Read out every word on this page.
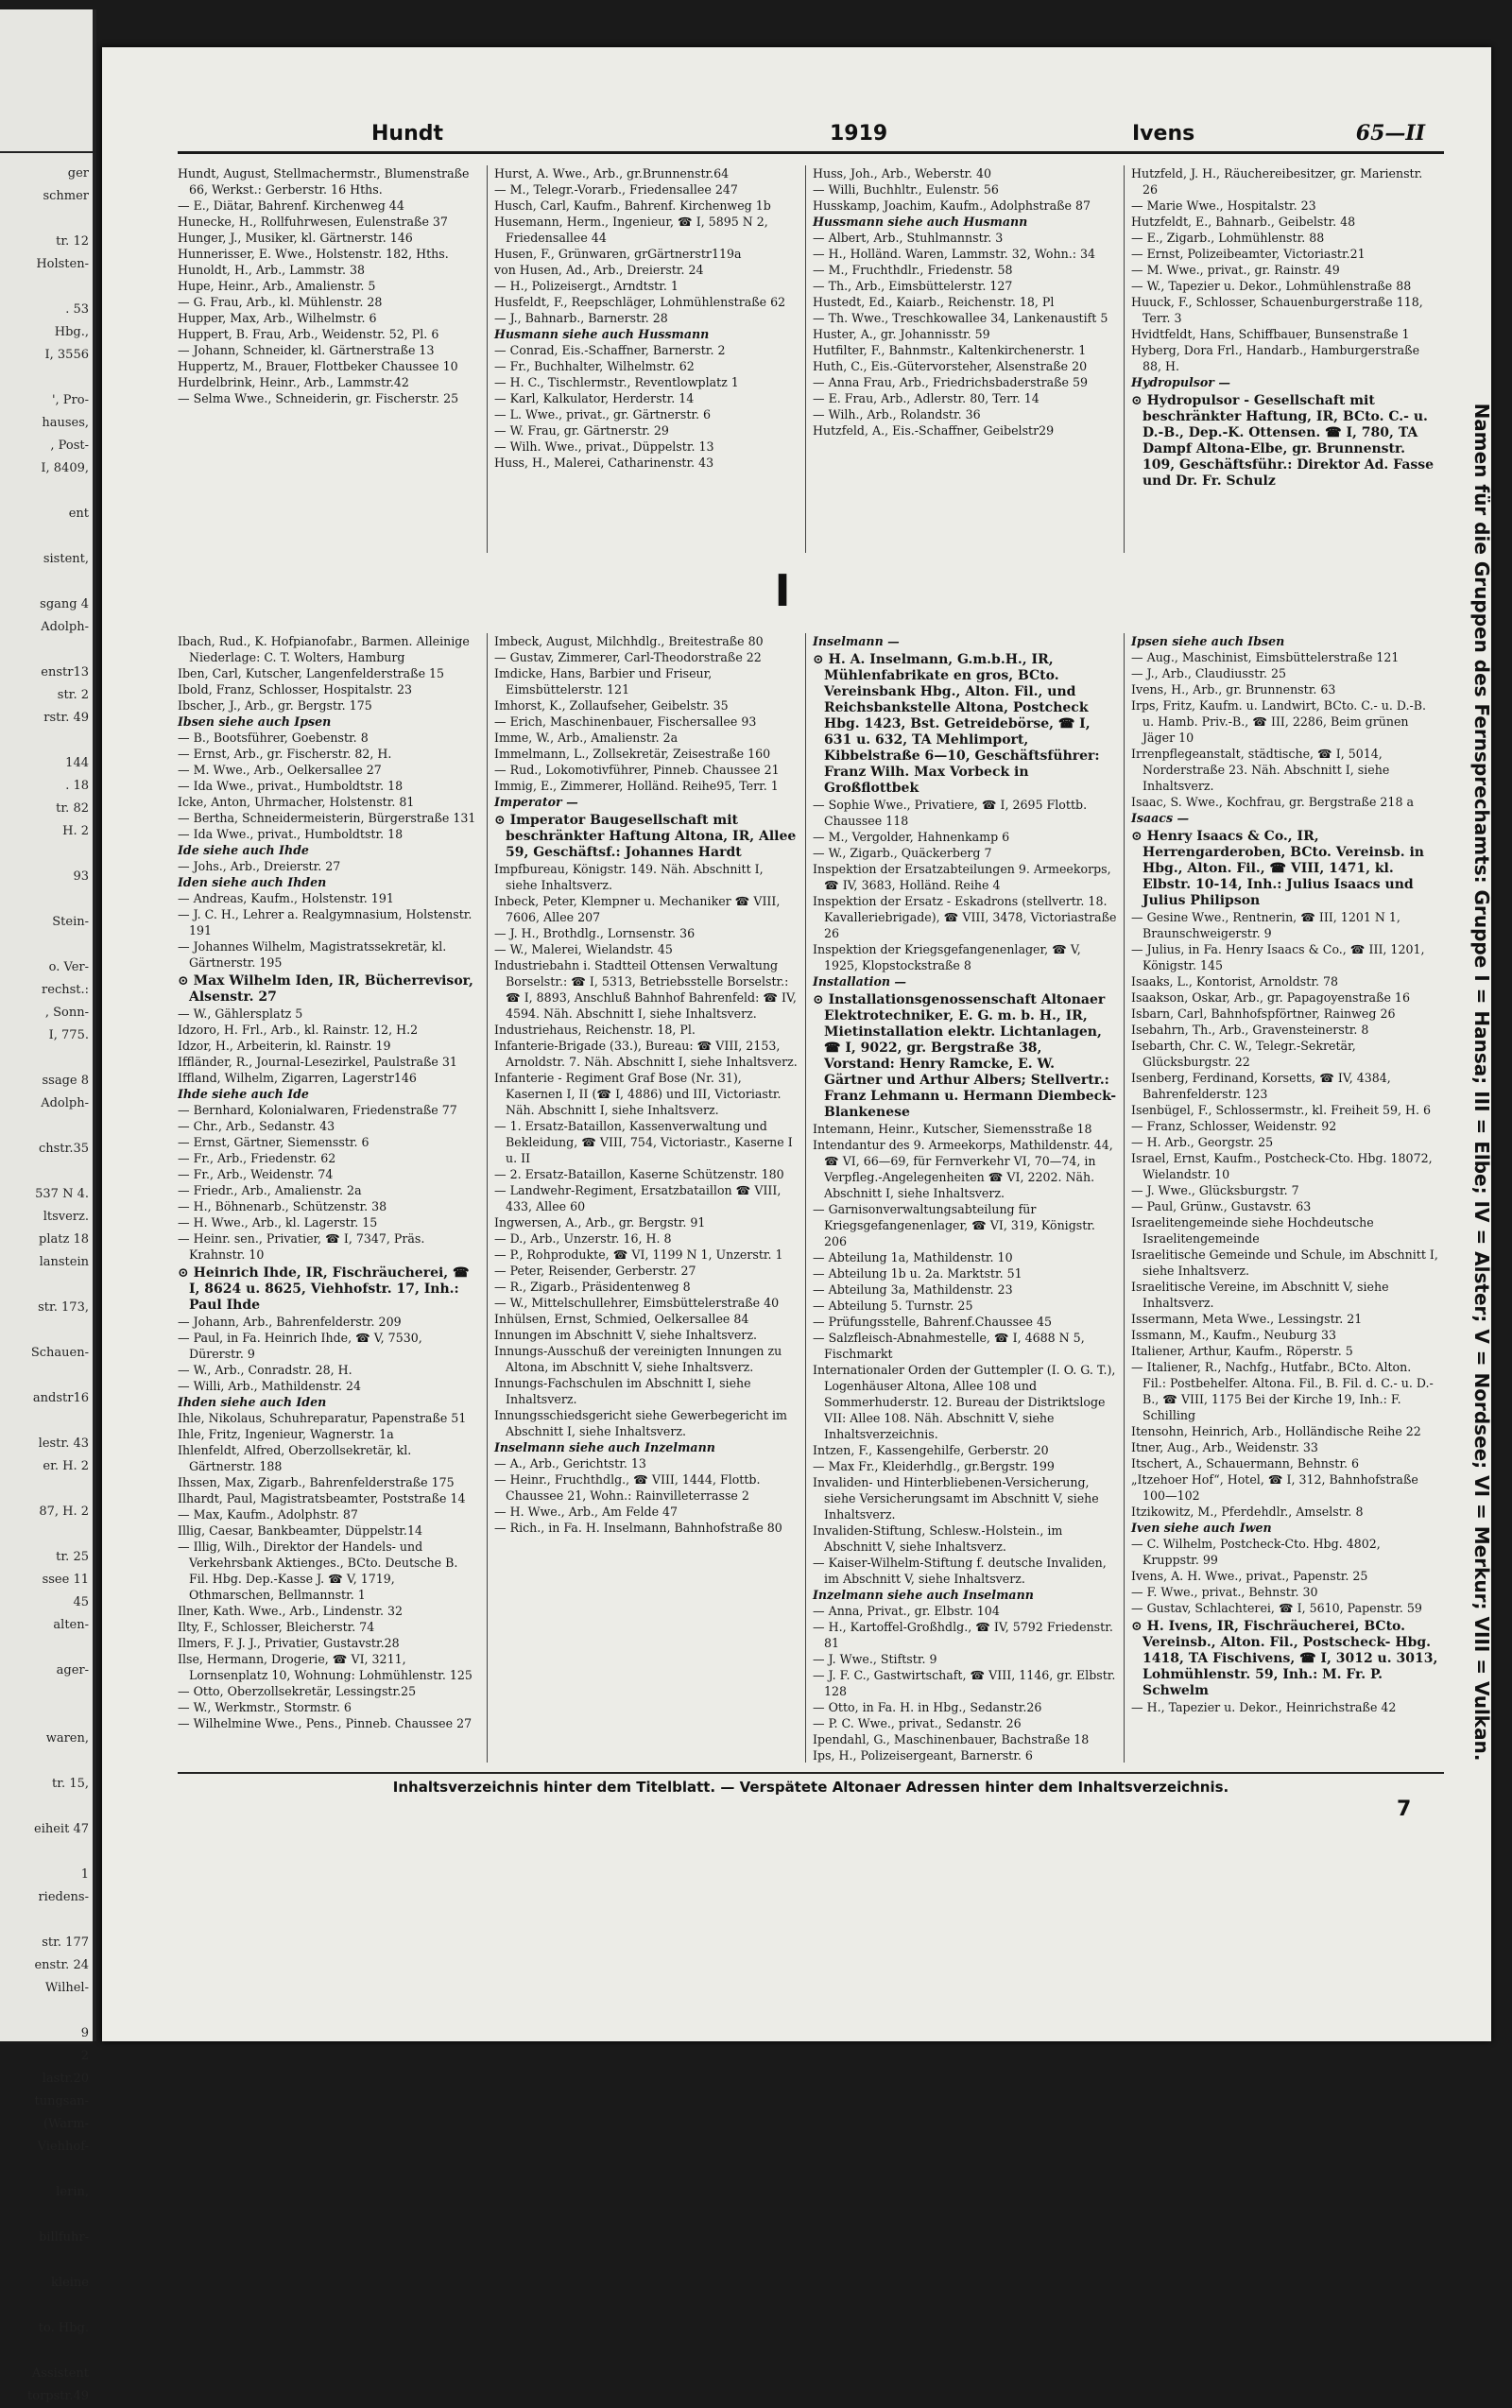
ger
schmer

tr. 12
Holsten-

. 53
Hbg.,
I, 3556

', Pro-
hauses,
, Post-
I, 8409,

ent

sistent,

sgang 4
Adolph-

enstr13
str. 2
rstr. 49

144
. 18
tr. 82
H. 2

93

Stein-

o. Ver-
rechst.:
, Sonn-
I, 775.

ssage 8
Adolph-

chstr.35

537 N 4.
ltsverz.
platz 18
lanstein

str. 173,

Schauen-

andstr16

lestr. 43
er. H. 2

87, H. 2

tr. 25
ssee 11
45
alten-

ager-

waren,

tr. 15,

eiheit 47

1
riedens-

str. 177
enstr. 24
Wilhel-

9
2
lastr.20
tungsan-
(Warm-
Viehhof-

lerin,

billfuhr-

kleine

to. Hbg.

Assistent
torpstr.49
Hundt	1919	Ivens	65—II

Hundt, August, Stellmachermstr., Blumenstraße 66, Werkst.: Gerberstr. 16 Hths.

— E., Diätar, Bahrenf. Kirchenweg 44

Hunecke, H., Rollfuhrwesen, Eulenstraße 37

Hunger, J., Musiker, kl. Gärtnerstr. 146

Hunnerisser, E. Wwe., Holstenstr. 182, Hths.

Hunoldt, H., Arb., Lammstr. 38

Hupe, Heinr., Arb., Amalienstr. 5

— G. Frau, Arb., kl. Mühlenstr. 28

Hupper, Max, Arb., Wilhelmstr. 6

Huppert, B. Frau, Arb., Weidenstr. 52, Pl. 6

— Johann, Schneider, kl. Gärtnerstraße 13

Huppertz, M., Brauer, Flottbeker Chaussee 10

Hurdelbrink, Heinr., Arb., Lammstr.42

— Selma Wwe., Schneiderin, gr. Fischerstr. 25

Hurst, A. Wwe., Arb., gr.Brunnenstr.64

— M., Telegr.-Vorarb., Friedensallee 247

Husch, Carl, Kaufm., Bahrenf. Kirchenweg 1b

Husemann, Herm., Ingenieur, ☎ I, 5895 N 2, Friedensallee 44

Husen, F., Grünwaren, grGärtnerstr119a

von Husen, Ad., Arb., Dreierstr. 24

— H., Polizeisergt., Arndtstr. 1

Husfeldt, F., Reepschläger, Lohmühlenstraße 62

— J., Bahnarb., Barnerstr. 28

Husmann siehe auch Hussmann

— Conrad, Eis.-Schaffner, Barnerstr. 2

— Fr., Buchhalter, Wilhelmstr. 62

— H. C., Tischlermstr., Reventlowplatz 1

— Karl, Kalkulator, Herderstr. 14

— L. Wwe., privat., gr. Gärtnerstr. 6

— W. Frau, gr. Gärtnerstr. 29

— Wilh. Wwe., privat., Düppelstr. 13

Huss, H., Malerei, Catharinenstr. 43

Huss, Joh., Arb., Weberstr. 40

— Willi, Buchhltr., Eulenstr. 56

Husskamp, Joachim, Kaufm., Adolphstraße 87

Hussmann siehe auch Husmann

— Albert, Arb., Stuhlmannstr. 3

— H., Holländ. Waren, Lammstr. 32, Wohn.: 34

— M., Fruchthdlr., Friedenstr. 58

— Th., Arb., Eimsbüttelerstr. 127

Hustedt, Ed., Kaiarb., Reichenstr. 18, Pl

— Th. Wwe., Treschkowallee 34, Lankenaustift 5

Huster, A., gr. Johannisstr. 59

Hutfilter, F., Bahnmstr., Kaltenkirchenerstr. 1

Huth, C., Eis.-Gütervorsteher, Alsenstraße 20

— Anna Frau, Arb., Friedrichsbaderstraße 59

— E. Frau, Arb., Adlerstr. 80, Terr. 14

— Wilh., Arb., Rolandstr. 36

Hutzfeld, A., Eis.-Schaffner, Geibelstr29

Hutzfeld, J. H., Räuchereibesitzer, gr. Marienstr. 26

— Marie Wwe., Hospitalstr. 23

Hutzfeldt, E., Bahnarb., Geibelstr. 48

— E., Zigarb., Lohmühlenstr. 88

— Ernst, Polizeibeamter, Victoriastr.21

— M. Wwe., privat., gr. Rainstr. 49

— W., Tapezier u. Dekor., Lohmühlenstraße 88

Huuck, F., Schlosser, Schauenburgerstraße 118, Terr. 3

Hvidtfeldt, Hans, Schiffbauer, Bunsenstraße 1

Hyberg, Dora Frl., Handarb., Hamburgerstraße 88, H.

Hydropulsor —

⊙ Hydropulsor - Gesellschaft mit beschränkter Haftung, IR, BCto. C.- u. D.-B., Dep.-K. Ottensen. ☎ I, 780, TA Dampf Altona-Elbe, gr. Brunnenstr. 109, Geschäftsführ.: Direktor Ad. Fasse und Dr. Fr. Schulz

I

Ibach, Rud., K. Hofpianofabr., Barmen. Alleinige Niederlage: C. T. Wolters, Hamburg

Iben, Carl, Kutscher, Langenfelderstraße 15

Ibold, Franz, Schlosser, Hospitalstr. 23

Ibscher, J., Arb., gr. Bergstr. 175

Ibsen siehe auch Ipsen

— B., Bootsführer, Goebenstr. 8

— Ernst, Arb., gr. Fischerstr. 82, H.

— M. Wwe., Arb., Oelkersallee 27

— Ida Wwe., privat., Humboldtstr. 18

Icke, Anton, Uhrmacher, Holstenstr. 81

— Bertha, Schneidermeisterin, Bürgerstraße 131

— Ida Wwe., privat., Humboldtstr. 18

Ide siehe auch Ihde

— Johs., Arb., Dreierstr. 27

Iden siehe auch Ihden

— Andreas, Kaufm., Holstenstr. 191

— J. C. H., Lehrer a. Realgymnasium, Holstenstr. 191

— Johannes Wilhelm, Magistratssekretär, kl. Gärtnerstr. 195

⊙ Max Wilhelm Iden, IR, Bücherrevisor, Alsenstr. 27

— W., Gählersplatz 5

Idzoro, H. Frl., Arb., kl. Rainstr. 12, H.2

Idzor, H., Arbeiterin, kl. Rainstr. 19

Iffländer, R., Journal-Lesezirkel, Paulstraße 31

Iffland, Wilhelm, Zigarren, Lagerstr146

Ihde siehe auch Ide

— Bernhard, Kolonialwaren, Friedenstraße 77

— Chr., Arb., Sedanstr. 43

— Ernst, Gärtner, Siemensstr. 6

— Fr., Arb., Friedenstr. 62

— Fr., Arb., Weidenstr. 74

— Friedr., Arb., Amalienstr. 2a

— H., Böhnenarb., Schützenstr. 38

— H. Wwe., Arb., kl. Lagerstr. 15

— Heinr. sen., Privatier, ☎ I, 7347, Präs. Krahnstr. 10

⊙ Heinrich Ihde, IR, Fischräucherei, ☎ I, 8624 u. 8625, Viehhofstr. 17, Inh.: Paul Ihde

— Johann, Arb., Bahrenfelderstr. 209

— Paul, in Fa. Heinrich Ihde, ☎ V, 7530, Dürerstr. 9

— W., Arb., Conradstr. 28, H.

— Willi, Arb., Mathildenstr. 24

Ihden siehe auch Iden

Ihle, Nikolaus, Schuhreparatur, Papenstraße 51

Ihle, Fritz, Ingenieur, Wagnerstr. 1a

Ihlenfeldt, Alfred, Oberzollsekretär, kl. Gärtnerstr. 188

Ihssen, Max, Zigarb., Bahrenfelderstraße 175

Ilhardt, Paul, Magistratsbeamter, Poststraße 14

— Max, Kaufm., Adolphstr. 87

Illig, Caesar, Bankbeamter, Düppelstr.14

— Illig, Wilh., Direktor der Handels- und Verkehrsbank Aktienges., BCto. Deutsche B. Fil. Hbg. Dep.-Kasse J. ☎ V, 1719, Othmarschen, Bellmannstr. 1

Ilner, Kath. Wwe., Arb., Lindenstr. 32

Ilty, F., Schlosser, Bleicherstr. 74

Ilmers, F. J. J., Privatier, Gustavstr.28

Ilse, Hermann, Drogerie, ☎ VI, 3211, Lornsenplatz 10, Wohnung: Lohmühlenstr. 125

— Otto, Oberzollsekretär, Lessingstr.25

— W., Werkmstr., Stormstr. 6

— Wilhelmine Wwe., Pens., Pinneb. Chaussee 27

Imbeck, August, Milchhdlg., Breitestraße 80

— Gustav, Zimmerer, Carl-Theodorstraße 22

Imdicke, Hans, Barbier und Friseur, Eimsbüttelerstr. 121

Imhorst, K., Zollaufseher, Geibelstr. 35

— Erich, Maschinenbauer, Fischersallee 93

Imme, W., Arb., Amalienstr. 2a

Immelmann, L., Zollsekretär, Zeisestraße 160

— Rud., Lokomotivführer, Pinneb. Chaussee 21

Immig, E., Zimmerer, Holländ. Reihe95, Terr. 1

Imperator —

⊙ Imperator Baugesellschaft mit beschränkter Haftung Altona, IR, Allee 59, Geschäftsf.: Johannes Hardt

Impfbureau, Königstr. 149. Näh. Abschnitt I, siehe Inhaltsverz.

Inbeck, Peter, Klempner u. Mechaniker ☎ VIII, 7606, Allee 207

— J. H., Brothdlg., Lornsenstr. 36

— W., Malerei, Wielandstr. 45

Industriebahn i. Stadtteil Ottensen Verwaltung Borselstr.: ☎ I, 5313, Betriebsstelle Borselstr.: ☎ I, 8893, Anschluß Bahnhof Bahrenfeld: ☎ IV, 4594. Näh. Abschnitt I, siehe Inhaltsverz.

Industriehaus, Reichenstr. 18, Pl.

Infanterie-Brigade (33.), Bureau: ☎ VIII, 2153, Arnoldstr. 7. Näh. Abschnitt I, siehe Inhaltsverz.

Infanterie - Regiment Graf Bose (Nr. 31), Kasernen I, II (☎ I, 4886) und III, Victoriastr. Näh. Abschnitt I, siehe Inhaltsverz.

— 1. Ersatz-Bataillon, Kassenverwaltung und Bekleidung, ☎ VIII, 754, Victoriastr., Kaserne I u. II

— 2. Ersatz-Bataillon, Kaserne Schützenstr. 180

— Landwehr-Regiment, Ersatzbataillon ☎ VIII, 433, Allee 60

Ingwersen, A., Arb., gr. Bergstr. 91

— D., Arb., Unzerstr. 16, H. 8

— P., Rohprodukte, ☎ VI, 1199 N 1, Unzerstr. 1

— Peter, Reisender, Gerberstr. 27

— R., Zigarb., Präsidentenweg 8

— W., Mittelschullehrer, Eimsbüttelerstraße 40

Inhülsen, Ernst, Schmied, Oelkersallee 84

Innungen im Abschnitt V, siehe Inhaltsverz.

Innungs-Ausschuß der vereinigten Innungen zu Altona, im Abschnitt V, siehe Inhaltsverz.

Innungs-Fachschulen im Abschnitt I, siehe Inhaltsverz.

Innungsschiedsgericht siehe Gewerbegericht im Abschnitt I, siehe Inhaltsverz.

Inselmann siehe auch Inzelmann

— A., Arb., Gerichtstr. 13

— Heinr., Fruchthdlg., ☎ VIII, 1444, Flottb. Chaussee 21, Wohn.: Rainvilleterrasse 2

— H. Wwe., Arb., Am Felde 47

— Rich., in Fa. H. Inselmann, Bahnhofstraße 80

Inselmann —

⊙ H. A. Inselmann, G.m.b.H., IR, Mühlenfabrikate en gros, BCto. Vereinsbank Hbg., Alton. Fil., und Reichsbankstelle Altona, Postcheck Hbg. 1423, Bst. Getreidebörse, ☎ I, 631 u. 632, TA Mehlimport, Kibbelstraße 6—10, Geschäftsführer: Franz Wilh. Max Vorbeck in Großflottbek

— Sophie Wwe., Privatiere, ☎ I, 2695 Flottb. Chaussee 118

— M., Vergolder, Hahnenkamp 6

— W., Zigarb., Quäckerberg 7

Inspektion der Ersatzabteilungen 9. Armeekorps, ☎ IV, 3683, Holländ. Reihe 4

Inspektion der Ersatz - Eskadrons (stellvertr. 18. Kavalleriebrigade), ☎ VIII, 3478, Victoriastraße 26

Inspektion der Kriegsgefangenenlager, ☎ V, 1925, Klopstockstraße 8

Installation —

⊙ Installationsgenossenschaft Altonaer Elektrotechniker, E. G. m. b. H., IR, Mietinstallation elektr. Lichtanlagen, ☎ I, 9022, gr. Bergstraße 38, Vorstand: Henry Ramcke, E. W. Gärtner und Arthur Albers; Stellvertr.: Franz Lehmann u. Hermann Diembeck-Blankenese

Intemann, Heinr., Kutscher, Siemensstraße 18

Intendantur des 9. Armeekorps, Mathildenstr. 44, ☎ VI, 66—69, für Fernverkehr VI, 70—74, in Verpfleg.-Angelegenheiten ☎ VI, 2202. Näh. Abschnitt I, siehe Inhaltsverz.

— Garnisonverwaltungsabteilung für Kriegsgefangenenlager, ☎ VI, 319, Königstr. 206

— Abteilung 1a, Mathildenstr. 10

— Abteilung 1b u. 2a. Marktstr. 51

— Abteilung 3a, Mathildenstr. 23

— Abteilung 5. Turnstr. 25

— Prüfungsstelle, Bahrenf.Chaussee 45

— Salzfleisch-Abnahmestelle, ☎ I, 4688 N 5, Fischmarkt

Internationaler Orden der Guttempler (I. O. G. T.), Logenhäuser Altona, Allee 108 und Sommerhuderstr. 12. Bureau der Distriktsloge VII: Allee 108. Näh. Abschnitt V, siehe Inhaltsverzeichnis.

Intzen, F., Kassengehilfe, Gerberstr. 20

— Max Fr., Kleiderhdlg., gr.Bergstr. 199

Invaliden- und Hinterbliebenen-Versicherung, siehe Versicherungsamt im Abschnitt V, siehe Inhaltsverz.

Invaliden-Stiftung, Schlesw.-Holstein., im Abschnitt V, siehe Inhaltsverz.

— Kaiser-Wilhelm-Stiftung f. deutsche Invaliden, im Abschnitt V, siehe Inhaltsverz.

Inzelmann siehe auch Inselmann

— Anna, Privat., gr. Elbstr. 104

— H., Kartoffel-Großhdlg., ☎ IV, 5792 Friedenstr. 81

— J. Wwe., Stiftstr. 9

— J. F. C., Gastwirtschaft, ☎ VIII, 1146, gr. Elbstr. 128

— Otto, in Fa. H. in Hbg., Sedanstr.26

— P. C. Wwe., privat., Sedanstr. 26

Ipendahl, G., Maschinenbauer, Bachstraße 18

Ips, H., Polizeisergeant, Barnerstr. 6

Ipsen siehe auch Ibsen

— Aug., Maschinist, Eimsbüttelerstraße 121

— J., Arb., Claudiusstr. 25

Ivens, H., Arb., gr. Brunnenstr. 63

Irps, Fritz, Kaufm. u. Landwirt, BCto. C.- u. D.-B. u. Hamb. Priv.-B., ☎ III, 2286, Beim grünen Jäger 10

Irrenpflegeanstalt, städtische, ☎ I, 5014, Norderstraße 23. Näh. Abschnitt I, siehe Inhaltsverz.

Isaac, S. Wwe., Kochfrau, gr. Bergstraße 218 a

Isaacs —

⊙ Henry Isaacs & Co., IR, Herrengarderoben, BCto. Vereinsb. in Hbg., Alton. Fil., ☎ VIII, 1471, kl. Elbstr. 10-14, Inh.: Julius Isaacs und Julius Philipson

— Gesine Wwe., Rentnerin, ☎ III, 1201 N 1, Braunschweigerstr. 9

— Julius, in Fa. Henry Isaacs & Co., ☎ III, 1201, Königstr. 145

Isaaks, L., Kontorist, Arnoldstr. 78

Isaakson, Oskar, Arb., gr. Papagoyenstraße 16

Isbarn, Carl, Bahnhofspförtner, Rainweg 26

Isebahrn, Th., Arb., Gravensteinerstr. 8

Isebarth, Chr. C. W., Telegr.-Sekretär, Glücksburgstr. 22

Isenberg, Ferdinand, Korsetts, ☎ IV, 4384, Bahrenfelderstr. 123

Isenbügel, F., Schlossermstr., kl. Freiheit 59, H. 6

— Franz, Schlosser, Weidenstr. 92

— H. Arb., Georgstr. 25

Israel, Ernst, Kaufm., Postcheck-Cto. Hbg. 18072, Wielandstr. 10

— J. Wwe., Glücksburgstr. 7

— Paul, Grünw., Gustavstr. 63

Israelitengemeinde siehe Hochdeutsche Israelitengemeinde

Israelitische Gemeinde und Schule, im Abschnitt I, siehe Inhaltsverz.

Israelitische Vereine, im Abschnitt V, siehe Inhaltsverz.

Issermann, Meta Wwe., Lessingstr. 21

Issmann, M., Kaufm., Neuburg 33

Italiener, Arthur, Kaufm., Röperstr. 5

— Italiener, R., Nachfg., Hutfabr., BCto. Alton. Fil.: Postbehelfer. Altona. Fil., B. Fil. d. C.- u. D.-B., ☎ VIII, 1175 Bei der Kirche 19, Inh.: F. Schilling

Itensohn, Heinrich, Arb., Holländische Reihe 22

Itner, Aug., Arb., Weidenstr. 33

Itschert, A., Schauermann, Behnstr. 6

„Itzehoer Hof“, Hotel, ☎ I, 312, Bahnhofstraße 100—102

Itzikowitz, M., Pferdehdlr., Amselstr. 8

Iven siehe auch Iwen

— C. Wilhelm, Postcheck-Cto. Hbg. 4802, Kruppstr. 99

Ivens, A. H. Wwe., privat., Papenstr. 25

— F. Wwe., privat., Behnstr. 30

— Gustav, Schlachterei, ☎ I, 5610, Papenstr. 59

⊙ H. Ivens, IR, Fischräucherei, BCto. Vereinsb., Alton. Fil., Postscheck- Hbg. 1418, TA Fischivens, ☎ I, 3012 u. 3013, Lohmühlenstr. 59, Inh.: M. Fr. P. Schwelm

— H., Tapezier u. Dekor., Heinrichstraße 42	Namen für die Gruppen des Fernsprechamts: Gruppe I = Hansa; III = Elbe; IV = Alster; V = Nordsee; VI = Merkur; VIII = Vulkan.
Inhaltsverzeichnis hinter dem Titelblatt. — Verspätete Altonaer Adressen hinter dem Inhaltsverzeichnis.
7
